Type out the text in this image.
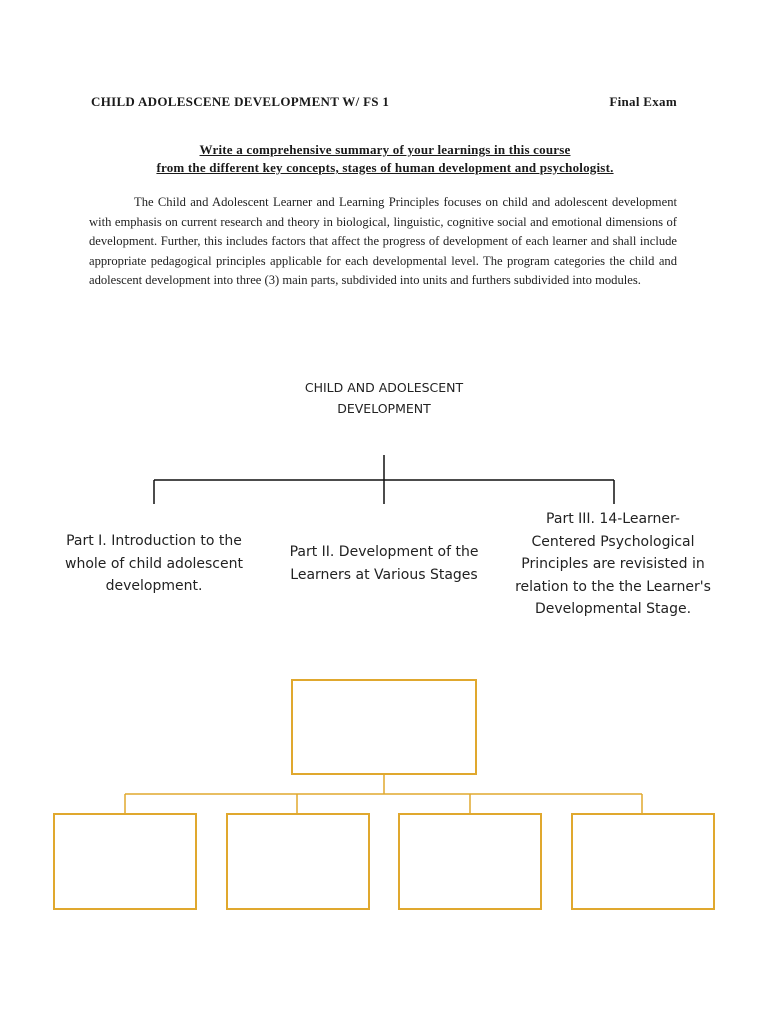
CHILD ADOLESCENE DEVELOPMENT W/ FS 1	Final Exam
Write a comprehensive summary of your learnings in this course
from the different key concepts, stages of human development and psychologist.

The Child and Adolescent Learner and Learning Principles focuses on child and adolescent development with emphasis on current research and theory in biological, linguistic, cognitive social and emotional dimensions of development. Further, this includes factors that affect the progress of development of each learner and shall include appropriate pedagogical principles applicable for each developmental level. The program categories the child and adolescent development into three (3) main parts, subdivided into units and furthers subdivided into modules.

CHILD AND ADOLESCENT
DEVELOPMENT
Part I. Introduction to the
whole of child adolescent
development.
Part II. Development of the
Learners at Various Stages
Part III. 14-Learner-
Centered Psychological
Principles are revisisted in
relation to the the Learner's
Developmental Stage.
